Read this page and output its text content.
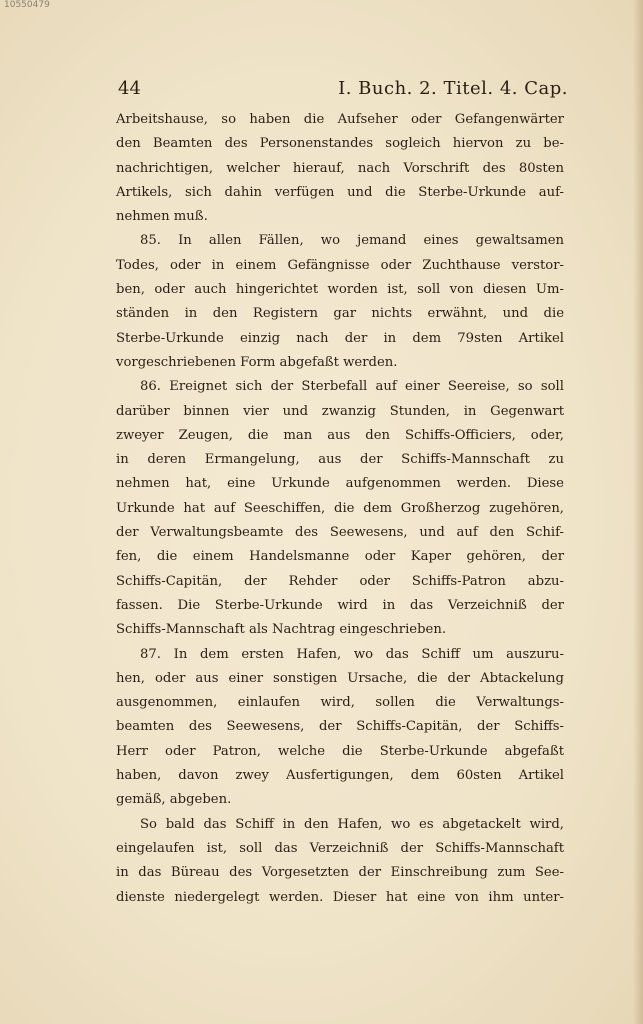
10550479
44	I. Buch. 2. Titel. 4. Cap.
Arbeitshause, so haben die Aufseher oder Gefangenwärter
den Beamten des Personenstandes sogleich hiervon zu be-
nachrichtigen, welcher hierauf, nach Vorschrift des 80sten
Artikels, sich dahin verfügen und die Sterbe-Urkunde auf-
nehmen muß.
85. In allen Fällen, wo jemand eines gewaltsamen
Todes, oder in einem Gefängnisse oder Zuchthause verstor-
ben, oder auch hingerichtet worden ist, soll von diesen Um-
ständen in den Registern gar nichts erwähnt, und die
Sterbe-Urkunde einzig nach der in dem 79sten Artikel
vorgeschriebenen Form abgefaßt werden.
86. Ereignet sich der Sterbefall auf einer Seereise, so soll
darüber binnen vier und zwanzig Stunden, in Gegenwart
zweyer Zeugen, die man aus den Schiffs-Officiers, oder,
in deren Ermangelung, aus der Schiffs-Mannschaft zu
nehmen hat, eine Urkunde aufgenommen werden. Diese
Urkunde hat auf Seeschiffen, die dem Großherzog zugehören,
der Verwaltungsbeamte des Seewesens, und auf den Schif-
fen, die einem Handelsmanne oder Kaper gehören, der
Schiffs-Capitän, der Rehder oder Schiffs-Patron abzu-
fassen. Die Sterbe-Urkunde wird in das Verzeichniß der
Schiffs-Mannschaft als Nachtrag eingeschrieben.
87. In dem ersten Hafen, wo das Schiff um auszuru-
hen, oder aus einer sonstigen Ursache, die der Abtackelung
ausgenommen, einlaufen wird, sollen die Verwaltungs-
beamten des Seewesens, der Schiffs-Capitän, der Schiffs-
Herr oder Patron, welche die Sterbe-Urkunde abgefaßt
haben, davon zwey Ausfertigungen, dem 60sten Artikel
gemäß, abgeben.
So bald das Schiff in den Hafen, wo es abgetackelt wird,
eingelaufen ist, soll das Verzeichniß der Schiffs-Mannschaft
in das Büreau des Vorgesetzten der Einschreibung zum See-
dienste niedergelegt werden. Dieser hat eine von ihm unter-
